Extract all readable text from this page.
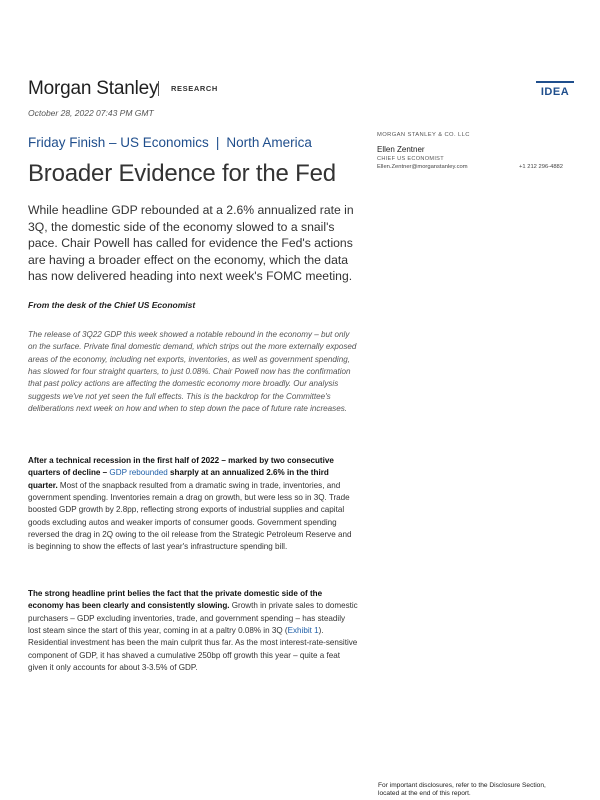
Morgan Stanley RESEARCH	IDEA
October 28, 2022 07:43 PM GMT
Friday Finish – US Economics | North America
Broader Evidence for the Fed
MORGAN STANLEY & CO. LLC
Ellen Zentner
CHIEF US ECONOMIST
Ellen.Zentner@morganstanley.com	+1 212 296-4882
While headline GDP rebounded at a 2.6% annualized rate in 3Q, the domestic side of the economy slowed to a snail's pace. Chair Powell has called for evidence the Fed's actions are having a broader effect on the economy, which the data has now delivered heading into next week's FOMC meeting.
From the desk of the Chief US Economist
The release of 3Q22 GDP this week showed a notable rebound in the economy – but only on the surface. Private final domestic demand, which strips out the more externally exposed areas of the economy, including net exports, inventories, as well as government spending, has slowed for four straight quarters, to just 0.08%. Chair Powell now has the confirmation that past policy actions are affecting the domestic economy more broadly. Our analysis suggests we've not yet seen the full effects. This is the backdrop for the Committee's deliberations next week on how and when to step down the pace of future rate increases.
After a technical recession in the first half of 2022 – marked by two consecutive quarters of decline – GDP rebounded sharply at an annualized 2.6% in the third quarter. Most of the snapback resulted from a dramatic swing in trade, inventories, and government spending. Inventories remain a drag on growth, but were less so in 3Q. Trade boosted GDP growth by 2.8pp, reflecting strong exports of industrial supplies and capital goods excluding autos and weaker imports of consumer goods. Government spending reversed the drag in 2Q owing to the oil release from the Strategic Petroleum Reserve and is beginning to show the effects of last year's infrastructure spending bill.
The strong headline print belies the fact that the private domestic side of the economy has been clearly and consistently slowing. Growth in private sales to domestic purchasers – GDP excluding inventories, trade, and government spending – has steadily lost steam since the start of this year, coming in at a paltry 0.08% in 3Q (Exhibit 1). Residential investment has been the main culprit thus far. As the most interest-rate-sensitive component of GDP, it has shaved a cumulative 250bp off growth this year – quite a feat given it only accounts for about 3-3.5% of GDP.
For important disclosures, refer to the Disclosure Section,
located at the end of this report.
